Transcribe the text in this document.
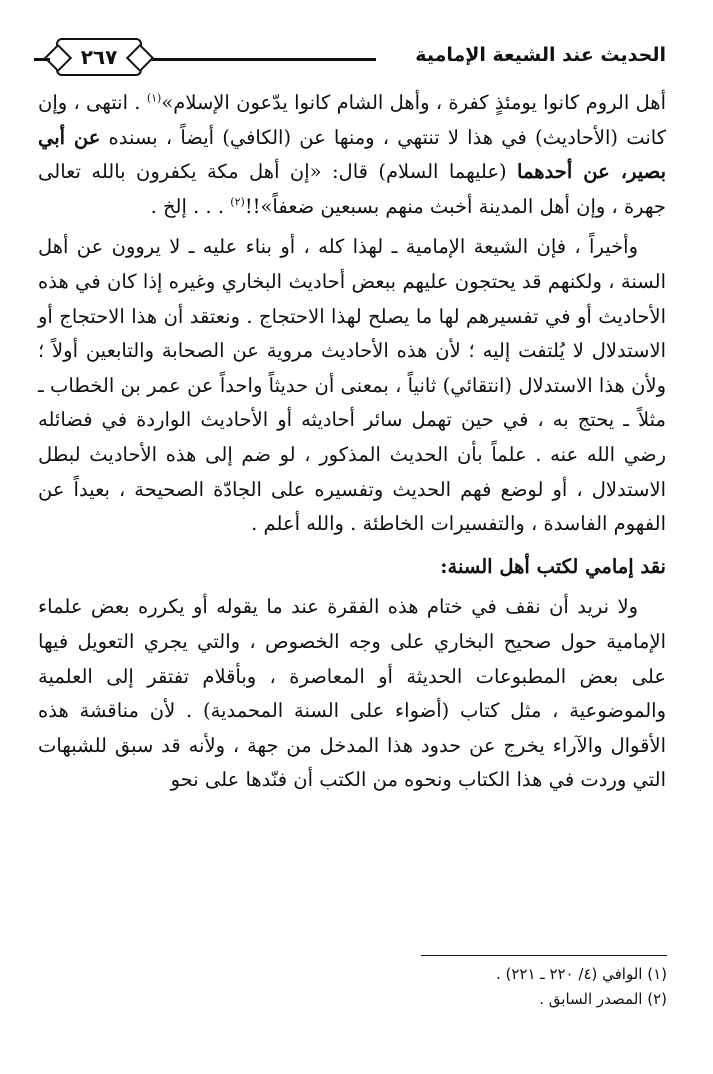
الحديث عند الشيعة الإمامية
٢٦٧

أهل الروم كانوا يومئذٍ كفرة ، وأهل الشام كانوا يدّعون الإسلام»$^{(١)}$ . انتهى ، وإن كانت (الأحاديث) في هذا لا تنتهي ، ومنها عن (الكافي) أيضاً ، بسنده عن أبي بصير، عن أحدهما (عليهما السلام) قال: «إن أهل مكة يكفرون بالله تعالى جهرة ، وإن أهل المدينة أخبث منهم بسبعين ضعفاً»!!$^{(٢)}$ . . . إلخ .

وأخيراً ، فإن الشيعة الإمامية ـ لهذا كله ، أو بناء عليه ـ لا يروون عن أهل السنة ، ولكنهم قد يحتجون عليهم ببعض أحاديث البخاري وغيره إذا كان في هذه الأحاديث أو في تفسيرهم لها ما يصلح لهذا الاحتجاج . ونعتقد أن هذا الاحتجاج أو الاستدلال لا يُلتفت إليه ؛ لأن هذه الأحاديث مروية عن الصحابة والتابعين أولاً ؛ ولأن هذا الاستدلال (انتقائي) ثانياً ، بمعنى أن حديثاً واحداً عن عمر بن الخطاب ـ مثلاً ـ يحتج به ، في حين تهمل سائر أحاديثه أو الأحاديث الواردة في فضائله رضي الله عنه . علماً بأن الحديث المذكور ، لو ضم إلى هذه الأحاديث لبطل الاستدلال ، أو لوضع فهم الحديث وتفسيره على الجادّة الصحيحة ، بعيداً عن الفهوم الفاسدة ، والتفسيرات الخاطئة . والله أعلم .

نقد إمامي لكتب أهل السنة:

ولا نريد أن نقف في ختام هذه الفقرة عند ما يقوله أو يكرره بعض علماء الإمامية حول صحيح البخاري على وجه الخصوص ، والتي يجري التعويل فيها على بعض المطبوعات الحديثة أو المعاصرة ، وبأقلام تفتقر إلى العلمية والموضوعية ، مثل كتاب (أضواء على السنة المحمدية) . لأن مناقشة هذه الأقوال والآراء يخرج عن حدود هذا المدخل من جهة ، ولأنه قد سبق للشبهات التي وردت في هذا الكتاب ونحوه من الكتب أن فنّدها على نحو

(١) الوافي (٤/ ٢٢٠ ـ ٢٢١) .
(٢) المصدر السابق .
